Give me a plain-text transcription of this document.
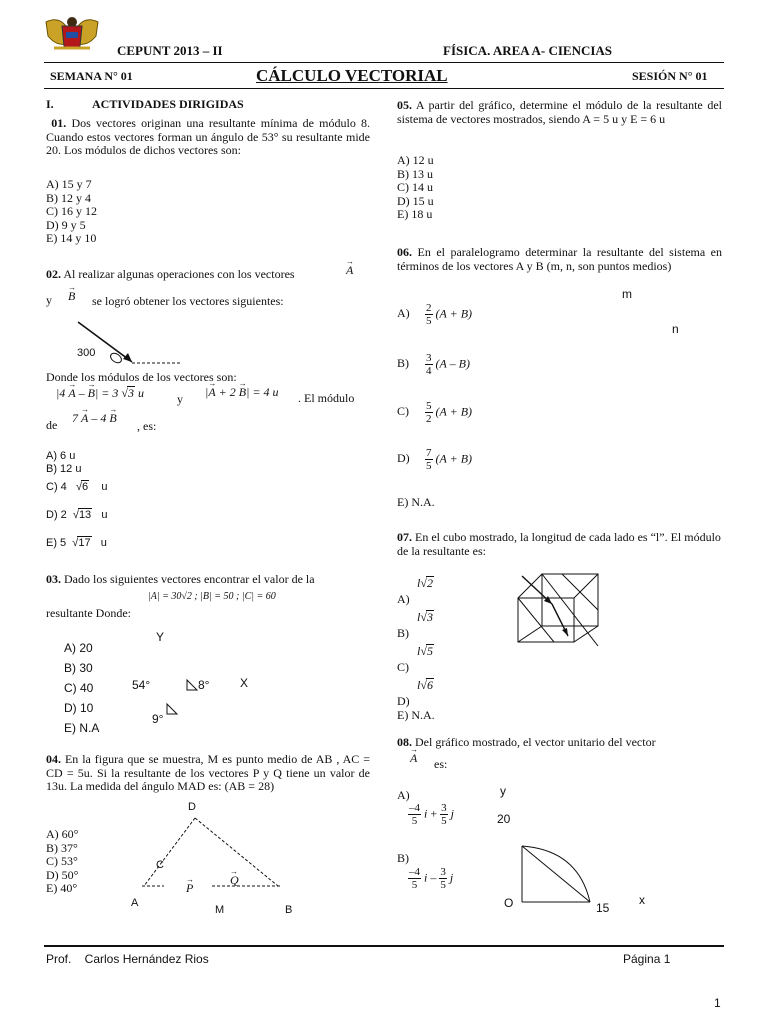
CEPUNT 2013 – II	FÍSICA. AREA A- CIENCIAS
SEMANA N° 01	CÁLCULO VECTORIAL	SESIÓN N° 01
I.	ACTIVIDADES DIRIGIDAS
01. Dos vectores originan una resultante mínima de módulo 8. Cuando estos vectores forman un ángulo de 53° su resultante mide 20. Los módulos de dichos vectores son:
A) 15 y 7
B) 12 y 4
C) 16 y 12
D) 9 y 5
E) 14 y 10
02. Al realizar algunas operaciones con los vectores	→ A
y → B se logró obtener los vectores siguientes:
300
Donde los módulos de los vectores son:
|4 → A – → B| = 3 √3 u	y |→ A + 2 → B| = 4 u . El módulo
de 7 → A – 4 → B
, es:
A) 6 u
B) 12 u
C) 4   √6 u
D) 2  √13 u
E) 5  √17 u
03. Dado los siguientes vectores encontrar el valor de la
|A| = 30√2 ; |B| = 50 ; |C| = 60
resultante Donde:
A) 20
B) 30
C) 40
D) 10
E) N.A
Y
54°	8°	X
9°
04. En la figura que se muestra, M es punto medio de AB , AC = CD = 5u. Si la resultante de los vectores P y Q tiene un valor de 13u. La medida del ángulo MAD es: (AB = 28)
A) 60°
B) 37°
C) 53°
D) 50°
E) 40°
D
C
→ P
→ Q
A
M	B
05. A partir del gráfico, determine el módulo de la resultante del sistema de vectores mostrados, siendo A = 5 u y E = 6 u
A) 12 u
B) 13 u
C) 14 u
D) 15 u
E) 18 u
06. En el paralelogramo determinar la resultante del sistema en términos de los vectores A y B (m, n, son puntos medios)
m
n
$A) \frac{2}{5} (A + B)$
$B) \frac{3}{4} (A - B)$
$C) \frac{5}{2} (A + B)$
$D) \frac{7}{5} (A + B)$
E) N.A.
07. En el cubo mostrado, la longitud de cada lado es “l”. El módulo de la resultante es:
l√2
A)
l√3
B)
l√5
C)
l√6
D)
E) N.A.
08. Del gráfico mostrado, el vector unitario del vector
→ A es:
A)
$\frac{-4}{5}$ $i + \frac{3}{5}$ j
B)
$\frac{-4}{5}$ i – $\frac{3}{5}$ j
y
20
O	15
x
Prof.    Carlos Hernández Rios	Página 1
1
